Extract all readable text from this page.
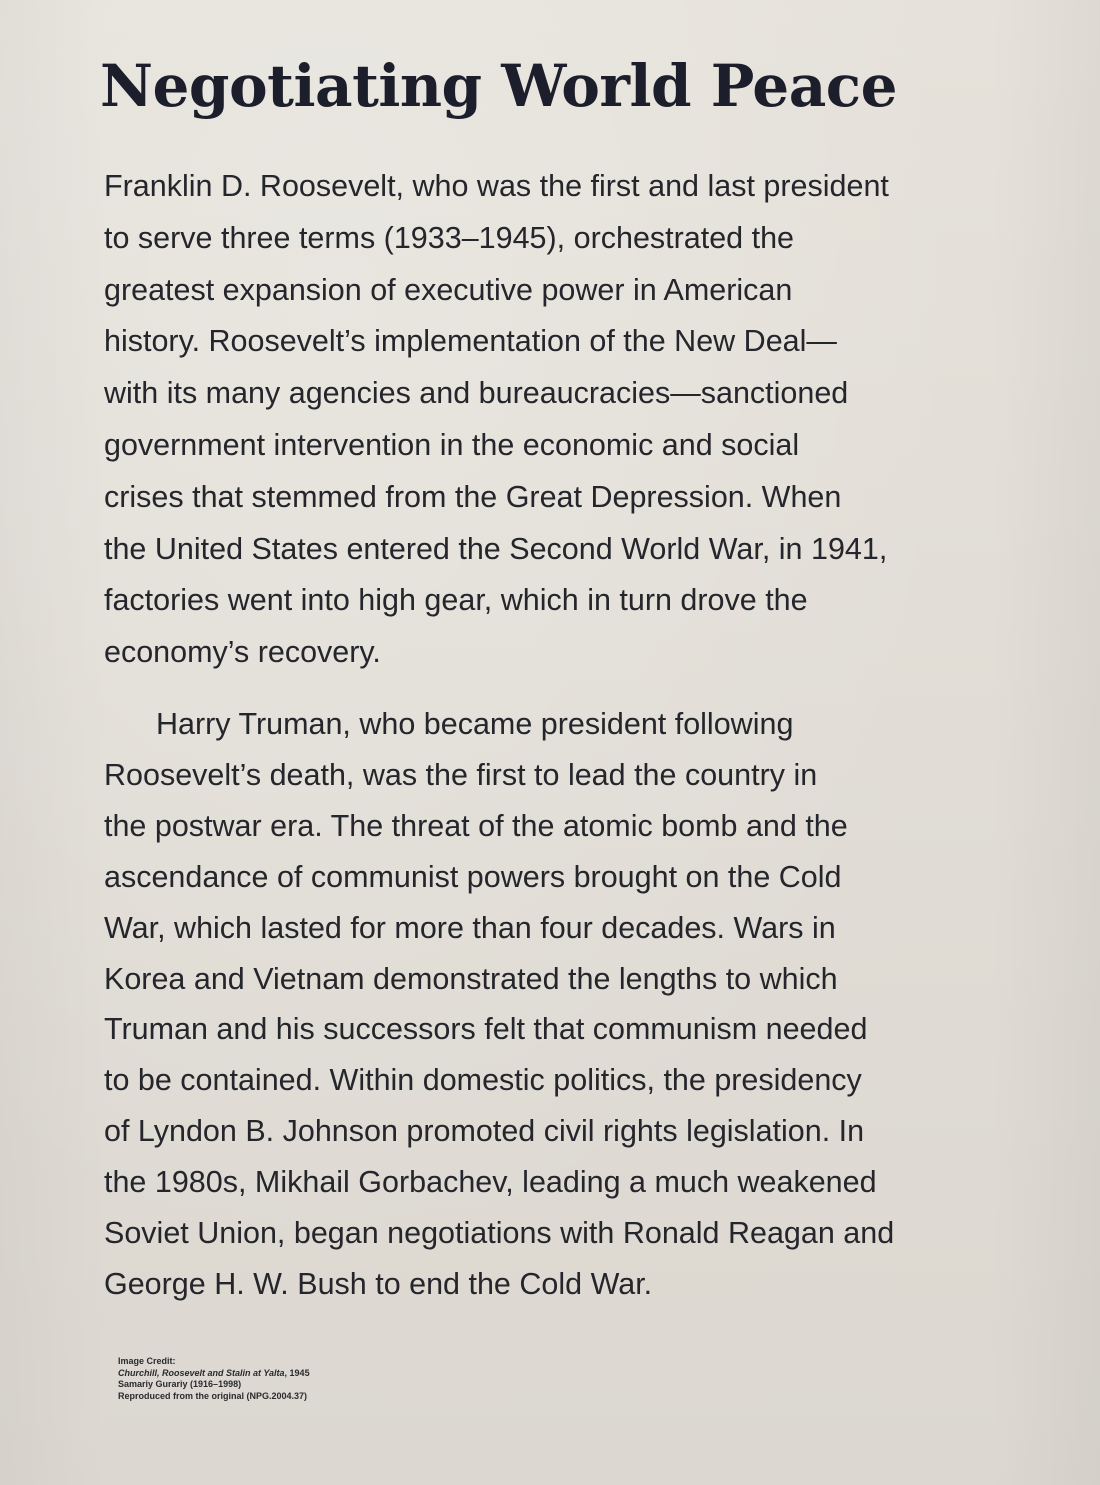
Negotiating World Peace

Franklin D. Roosevelt, who was the first and last president
to serve three terms (1933–1945), orchestrated the
greatest expansion of executive power in American
history. Roosevelt’s implementation of the New Deal—
with its many agencies and bureaucracies—sanctioned
government intervention in the economic and social
crises that stemmed from the Great Depression. When
the United States entered the Second World War, in 1941,
factories went into high gear, which in turn drove the
economy’s recovery.

Harry Truman, who became president following
Roosevelt’s death, was the first to lead the country in
the postwar era. The threat of the atomic bomb and the
ascendance of communist powers brought on the Cold
War, which lasted for more than four decades. Wars in
Korea and Vietnam demonstrated the lengths to which
Truman and his successors felt that communism needed
to be contained. Within domestic politics, the presidency
of Lyndon B. Johnson promoted civil rights legislation. In
the 1980s, Mikhail Gorbachev, leading a much weakened
Soviet Union, began negotiations with Ronald Reagan and
George H. W. Bush to end the Cold War.

Image Credit:
Churchill, Roosevelt and Stalin at Yalta, 1945
Samariy Gurariy (1916–1998)
Reproduced from the original (NPG.2004.37)
